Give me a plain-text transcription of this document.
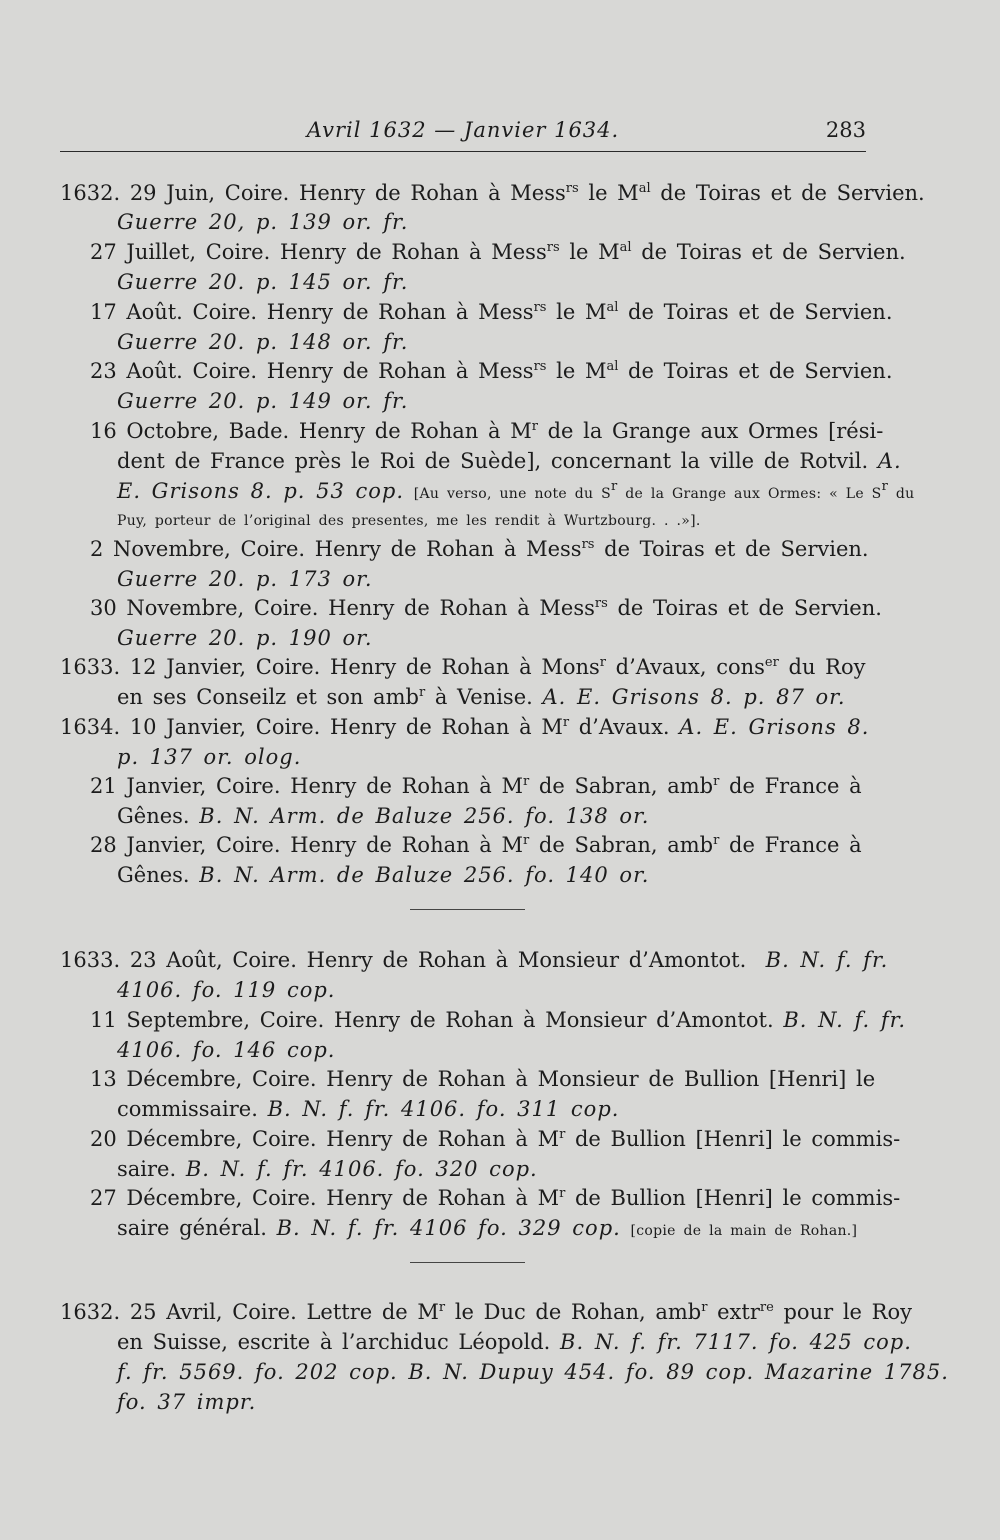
Avril 1632 — Janvier 1634.	283
1632. 29 Juin, Coire. Henry de Rohan à Mess$^{rs}$ le $M^{al}$ de Toiras et de Servien.
Guerre 20, p. 139 or. fr.
27 Juillet, Coire. Henry de Rohan à Mess$^{rs}$ le $M^{al}$ de Toiras et de Servien.
Guerre 20. p. 145 or. fr.
17 Août. Coire. Henry de Rohan à Mess$^{rs}$ le $M^{al}$ de Toiras et de Servien.
Guerre 20. p. 148 or. fr.
23 Août. Coire. Henry de Rohan à Mess$^{rs}$ le $M^{al}$ de Toiras et de Servien.
Guerre 20. p. 149 or. fr.
16 Octobre, Bade. Henry de Rohan à $M^r$ de la Grange aux Ormes [rési-
dent de France près le Roi de Suède], concernant la ville de Rotvil. A.
E. Grisons 8. p. 53 cop. [Au verso, une note du $S^r$ de la Grange aux Ormes: « Le $S^r$ du
Puy, porteur de l’original des presentes, me les rendit à Wurtzbourg. . .»].
2 Novembre, Coire. Henry de Rohan à Mess$^{rs}$ de Toiras et de Servien.
Guerre 20. p. 173 or.
30 Novembre, Coire. Henry de Rohan à Mess$^{rs}$ de Toiras et de Servien.
Guerre 20. p. 190 or.
1633. 12 Janvier, Coire. Henry de Rohan à Mons$^r$ d’Avaux, cons$^{er}$ du Roy
en ses Conseilz et son amb$^r$ à Venise. A. E. Grisons 8. p. 87 or.
1634. 10 Janvier, Coire. Henry de Rohan à $M^r$ d’Avaux. A. E. Grisons 8.
p. 137 or. olog.
21 Janvier, Coire. Henry de Rohan à $M^r$ de Sabran, amb$^r$ de France à
Gênes. B. N. Arm. de Baluze 256. fo. 138 or.
28 Janvier, Coire. Henry de Rohan à $M^r$ de Sabran, amb$^r$ de France à
Gênes. B. N. Arm. de Baluze 256. fo. 140 or.
1633. 23 Août, Coire. Henry de Rohan à Monsieur d’Amontot. B. N. f. fr.
4106. fo. 119 cop.
11 Septembre, Coire. Henry de Rohan à Monsieur d’Amontot. B. N. f. fr.
4106. fo. 146 cop.
13 Décembre, Coire. Henry de Rohan à Monsieur de Bullion [Henri] le
commissaire. B. N. f. fr. 4106. fo. 311 cop.
20 Décembre, Coire. Henry de Rohan à $M^r$ de Bullion [Henri] le commis-
saire. B. N. f. fr. 4106. fo. 320 cop.
27 Décembre, Coire. Henry de Rohan à $M^r$ de Bullion [Henri] le commis-
saire général. B. N. f. fr. 4106 fo. 329 cop. [copie de la main de Rohan.]
1632. 25 Avril, Coire. Lettre de $M^r$ le Duc de Rohan, amb$^r$ extr$^{re}$ pour le Roy
en Suisse, escrite à l’archiduc Léopold. B. N. f. fr. 7117. fo. 425 cop.
f. fr. 5569. fo. 202 cop. B. N. Dupuy 454. fo. 89 cop. Mazarine 1785.
fo. 37 impr.
